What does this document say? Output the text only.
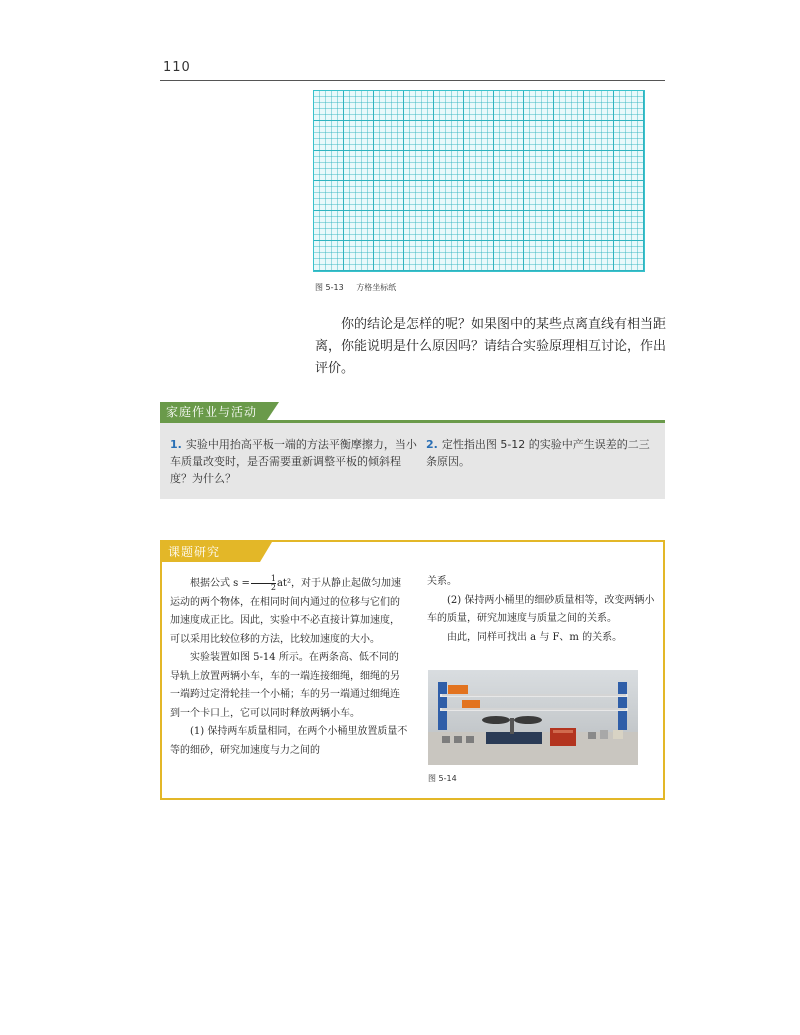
110
图 5-13 方格坐标纸
你的结论是怎样的呢？如果图中的某些点离直线有相当距离，你能说明是什么原因吗？请结合实验原理相互讨论，作出评价。
家庭作业与活动
1. 实验中用抬高平板一端的方法平衡摩擦力，当小车质量改变时，是否需要重新调整平板的倾斜程度？为什么？
2. 定性指出图 5-12 的实验中产生误差的二三条原因。
课题研究

根据公式 $s = \frac{1}{2} at^2$，对于从静止起做匀加速运动的两个物体，在相同时间内通过的位移与它们的加速度成正比。因此，实验中不必直接计算加速度，可以采用比较位移的方法，比较加速度的大小。

实验装置如图 5-14 所示。在两条高、低不同的导轨上放置两辆小车，车的一端连接细绳，细绳的另一端跨过定滑轮挂一个小桶；车的另一端通过细绳连到一个卡口上，它可以同时释放两辆小车。

(1) 保持两车质量相同，在两个小桶里放置质量不等的细砂，研究加速度与力之间的

关系。

(2) 保持两小桶里的细砂质量相等，改变两辆小车的质量，研究加速度与质量之间的关系。

由此，同样可找出 a 与 F、m 的关系。

图 5-14
